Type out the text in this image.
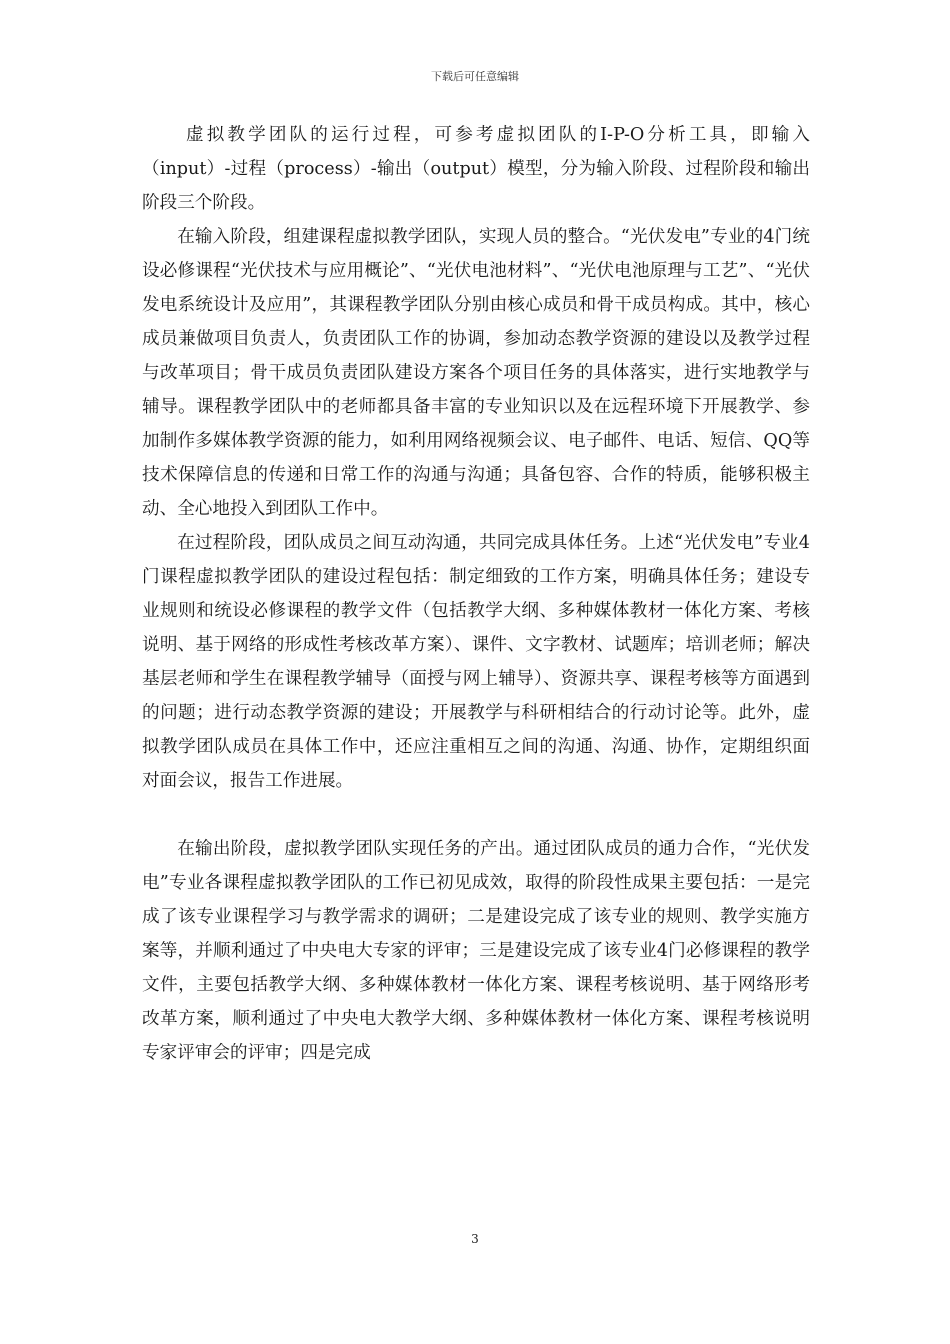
下载后可任意编辑

虚拟教学团队的运行过程，可参考虚拟团队的I-P-O分析工具，即输入（input）-过程（process）-输出（output）模型，分为输入阶段、过程阶段和输出阶段三个阶段。

在输入阶段，组建课程虚拟教学团队，实现人员的整合。“光伏发电”专业的4门统设必修课程“光伏技术与应用概论”、“光伏电池材料”、“光伏电池原理与工艺”、“光伏发电系统设计及应用”，其课程教学团队分别由核心成员和骨干成员构成。其中，核心成员兼做项目负责人，负责团队工作的协调，参加动态教学资源的建设以及教学过程与改革项目；骨干成员负责团队建设方案各个项目任务的具体落实，进行实地教学与辅导。课程教学团队中的老师都具备丰富的专业知识以及在远程环境下开展教学、参加制作多媒体教学资源的能力，如利用网络视频会议、电子邮件、电话、短信、QQ等技术保障信息的传递和日常工作的沟通与沟通；具备包容、合作的特质，能够积极主动、全心地投入到团队工作中。

在过程阶段，团队成员之间互动沟通，共同完成具体任务。上述“光伏发电”专业4门课程虚拟教学团队的建设过程包括：制定细致的工作方案，明确具体任务；建设专业规则和统设必修课程的教学文件（包括教学大纲、多种媒体教材一体化方案、考核说明、基于网络的形成性考核改革方案）、课件、文字教材、试题库；培训老师；解决基层老师和学生在课程教学辅导（面授与网上辅导）、资源共享、课程考核等方面遇到的问题；进行动态教学资源的建设；开展教学与科研相结合的行动讨论等。此外，虚拟教学团队成员在具体工作中，还应注重相互之间的沟通、沟通、协作，定期组织面对面会议，报告工作进展。

在输出阶段，虚拟教学团队实现任务的产出。通过团队成员的通力合作，“光伏发电”专业各课程虚拟教学团队的工作已初见成效，取得的阶段性成果主要包括：一是完成了该专业课程学习与教学需求的调研；二是建设完成了该专业的规则、教学实施方案等，并顺利通过了中央电大专家的评审；三是建设完成了该专业4门必修课程的教学文件，主要包括教学大纲、多种媒体教材一体化方案、课程考核说明、基于网络形考改革方案，顺利通过了中央电大教学大纲、多种媒体教材一体化方案、课程考核说明专家评审会的评审；四是完成

3
